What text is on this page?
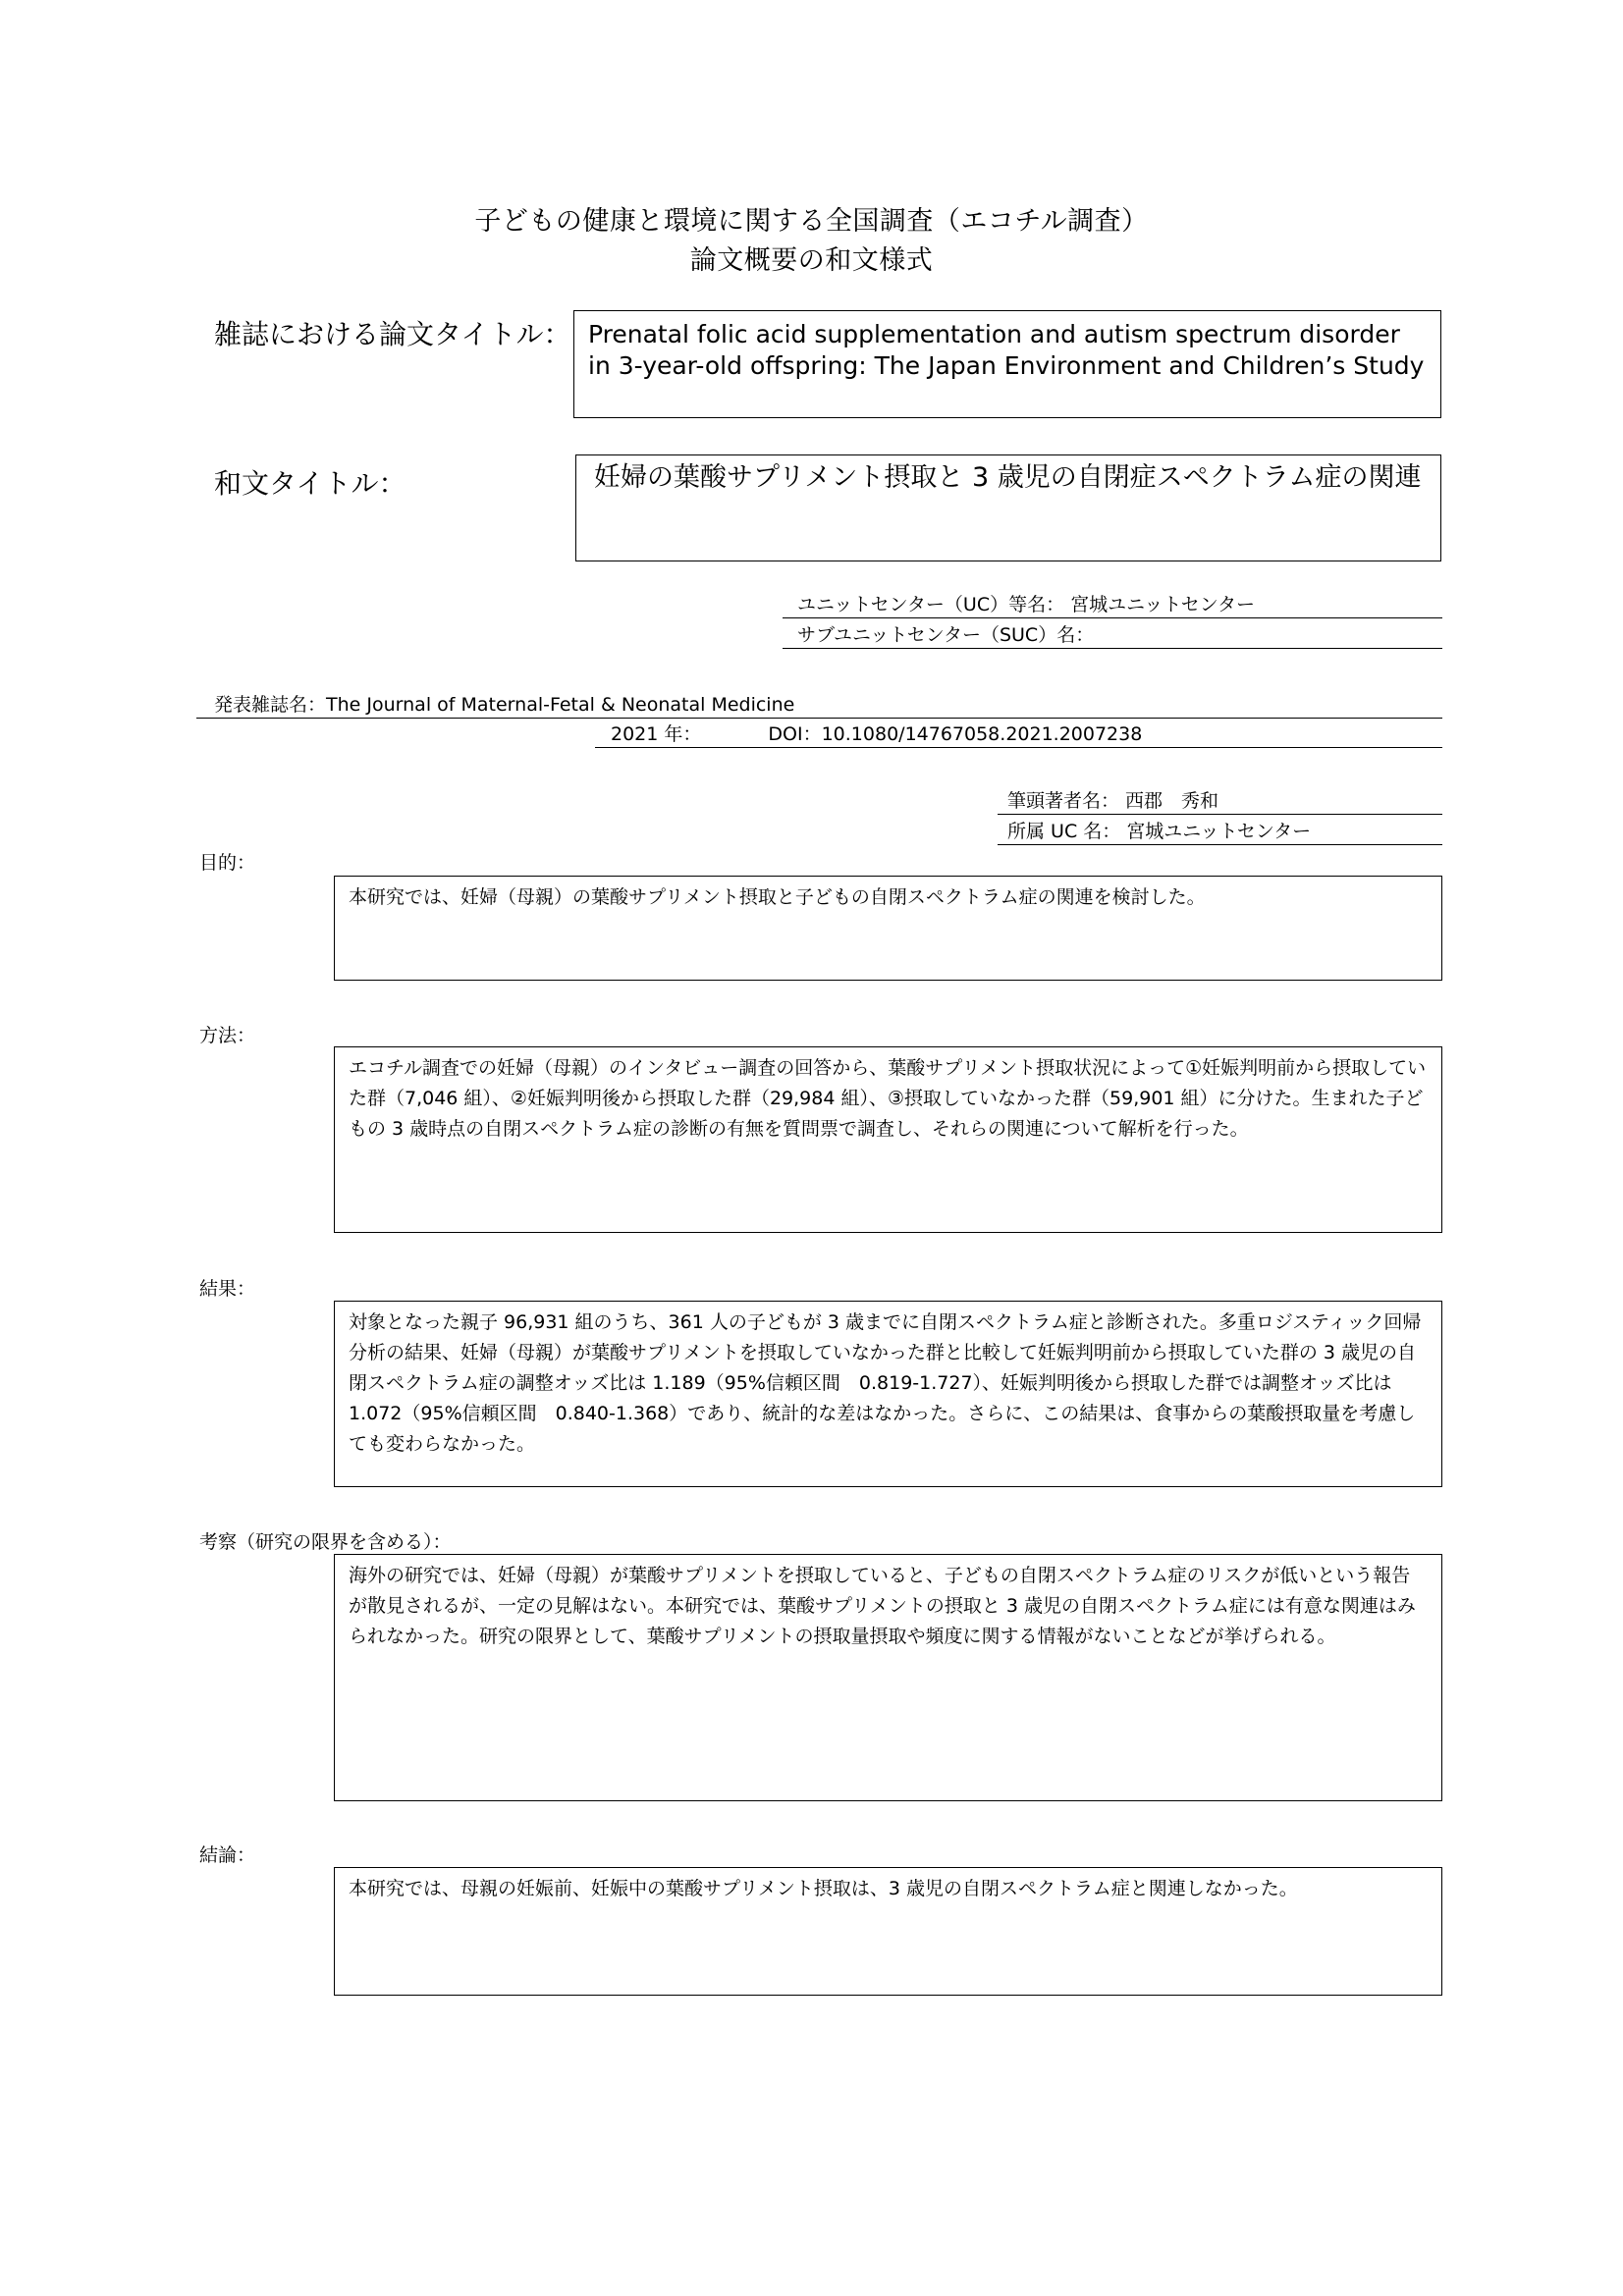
子どもの健康と環境に関する全国調査（エコチル調査）
論文概要の和文様式
雑誌における論文タイトル： Prenatal folic acid supplementation and autism spectrum disorder
in 3-year-old offspring: The Japan Environment and Children’s Study
和文タイトル：	妊婦の葉酸サプリメント摂取と 3 歳児の自閉症スペクトラム症の関連
ユニットセンター（UC）等名： 宮城ユニットセンター
サブユニットセンター（SUC）名：
発表雑誌名：The Journal of Maternal-Fetal & Neonatal Medicine
2021 年：	DOI：10.1080/14767058.2021.2007238
筆頭著者名： 西郡　秀和
所属 UC 名： 宮城ユニットセンター
目的：
本研究では、妊婦（母親）の葉酸サプリメント摂取と子どもの自閉スペクトラム症の関連を検討した。
方法：
エコチル調査での妊婦（母親）のインタビュー調査の回答から、葉酸サプリメント摂取状況によって①妊娠判明前から摂取していた群（7,046 組）、②妊娠判明後から摂取した群（29,984 組）、③摂取していなかった群（59,901 組）に分けた。生まれた子どもの 3 歳時点の自閉スペクトラム症の診断の有無を質問票で調査し、それらの関連について解析を行った。
結果：
対象となった親子 96,931 組のうち、361 人の子どもが 3 歳までに自閉スペクトラム症と診断された。多重ロジスティック回帰分析の結果、妊婦（母親）が葉酸サプリメントを摂取していなかった群と比較して妊娠判明前から摂取していた群の 3 歳児の自閉スペクトラム症の調整オッズ比は 1.189（95%信頼区間　0.819-1.727）、妊娠判明後から摂取した群では調整オッズ比は 1.072（95%信頼区間　0.840-1.368）であり、統計的な差はなかった。さらに、この結果は、食事からの葉酸摂取量を考慮しても変わらなかった。
考察（研究の限界を含める）：
海外の研究では、妊婦（母親）が葉酸サプリメントを摂取していると、子どもの自閉スペクトラム症のリスクが低いという報告が散見されるが、一定の見解はない。本研究では、葉酸サプリメントの摂取と 3 歳児の自閉スペクトラム症には有意な関連はみられなかった。研究の限界として、葉酸サプリメントの摂取量摂取や頻度に関する情報がないことなどが挙げられる。
結論：
本研究では、母親の妊娠前、妊娠中の葉酸サプリメント摂取は、3 歳児の自閉スペクトラム症と関連しなかった。
